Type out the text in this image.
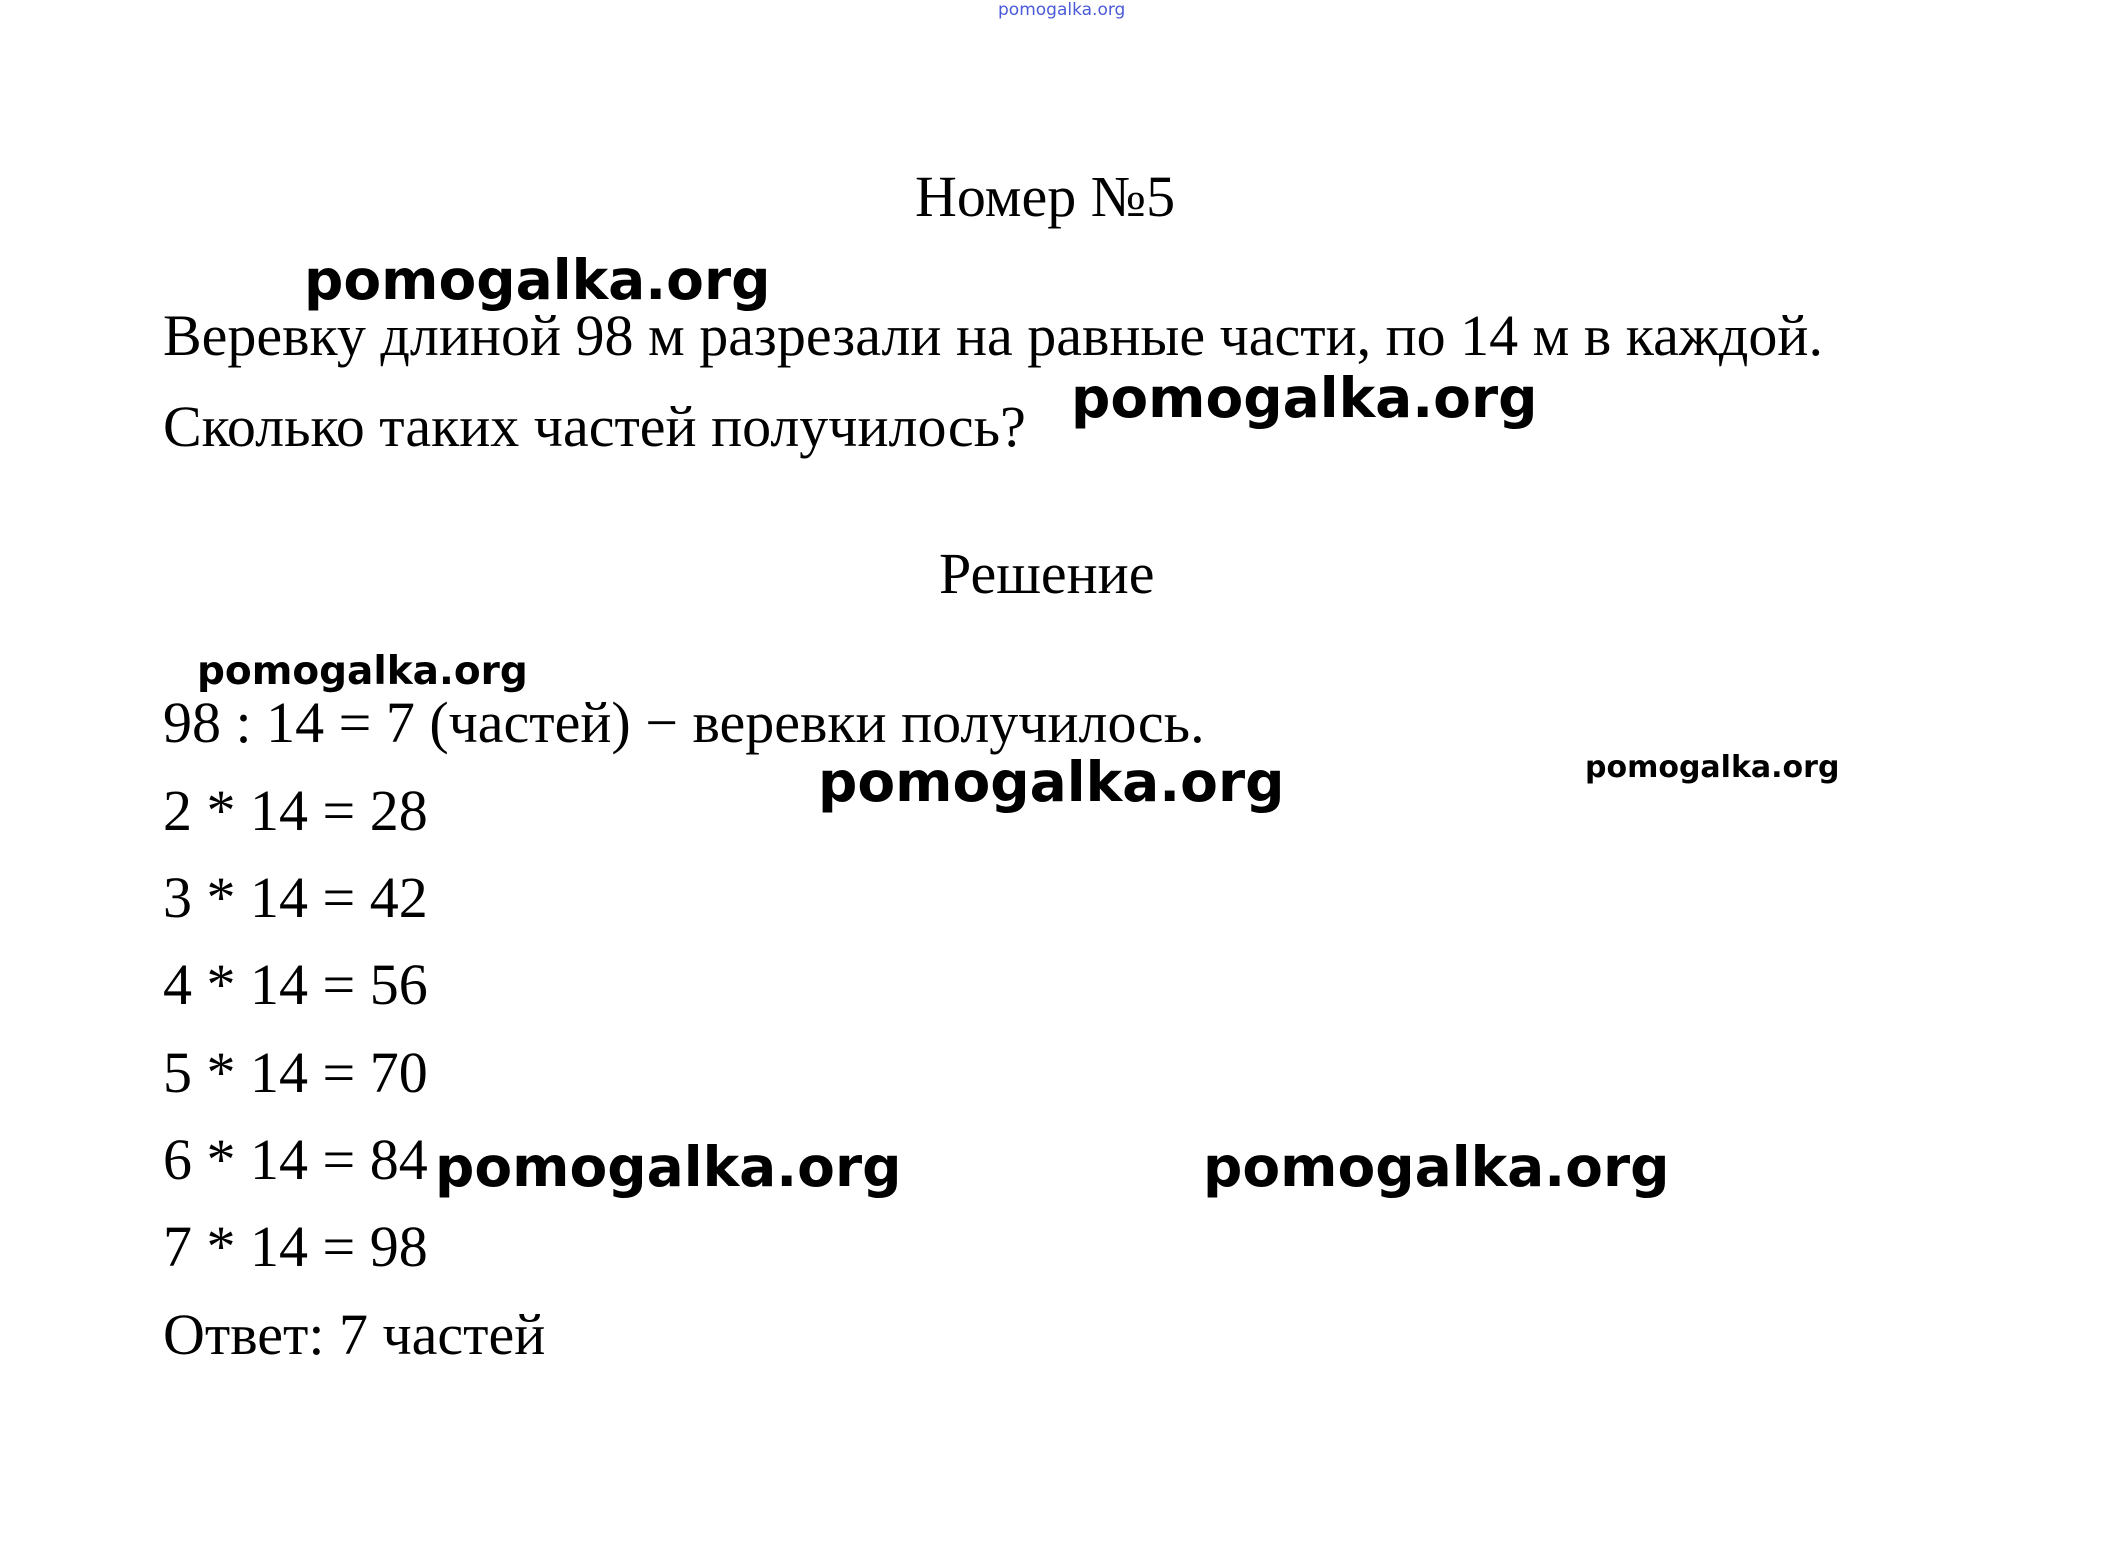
pomogalka.org
Номер №5

Веревку длиной 98 м разрезали на равные части, по 14 м в каждой.

Сколько таких частей получилось?

Решение

98 : 14 = 7 (частей) − веревки получилось.

2 * 14 = 28

3 * 14 = 42

4 * 14 = 56

5 * 14 = 70

6 * 14 = 84

7 * 14 = 98

Ответ: 7 частей

pomogalka.org
pomogalka.org
pomogalka.org
pomogalka.org	pomogalka.org
pomogalka.org	pomogalka.org
